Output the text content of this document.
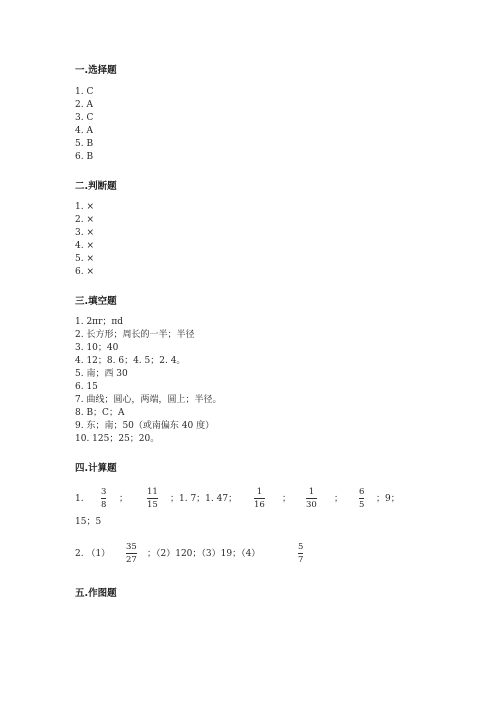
一.选择题
1. C
2. A
3. C
4. A
5. B
6. B
二.判断题
1. ×
2. ×
3. ×
4. ×
5. ×
6. ×
三.填空题
1. 2πr；πd
2. 长方形；周长的一半；半径
3. 10；40
4. 12；8. 6；4. 5；2. 4。
5. 南；西 30
6. 15
7. 曲线；圆心，两端，圆上；半径。
8. B；C；A
9. 东；南；50（或南偏东 40 度）
10. 125；25；20。
四.计算题
1.
3
8
；
11
15
；1. 7；1. 47；
1
16
；
1
30
；
6
5
；9；
15；5
2. （1）
35
27
；（2）120；（3）19；（4）
5
7
五.作图题
